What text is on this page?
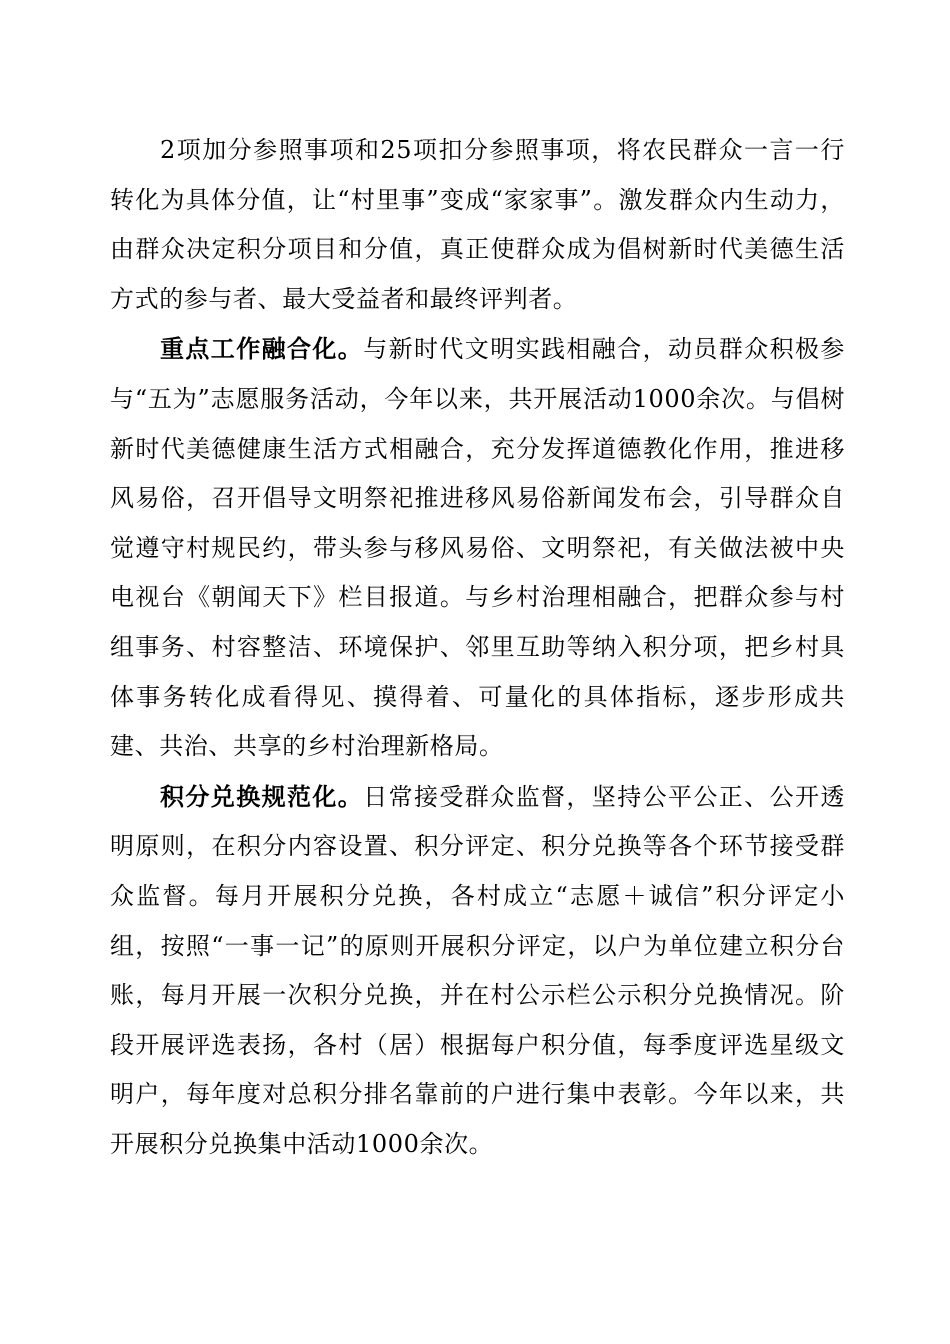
2项加分参照事项和25项扣分参照事项，将农民群众一言一行转化为具体分值，让“村里事”变成“家家事”。激发群众内生动力，由群众决定积分项目和分值，真正使群众成为倡树新时代美德生活方式的参与者、最大受益者和最终评判者。

重点工作融合化。与新时代文明实践相融合，动员群众积极参与“五为”志愿服务活动，今年以来，共开展活动1000余次。与倡树新时代美德健康生活方式相融合，充分发挥道德教化作用，推进移风易俗，召开倡导文明祭祀推进移风易俗新闻发布会，引导群众自觉遵守村规民约，带头参与移风易俗、文明祭祀，有关做法被中央电视台《朝闻天下》栏目报道。与乡村治理相融合，把群众参与村组事务、村容整洁、环境保护、邻里互助等纳入积分项，把乡村具体事务转化成看得见、摸得着、可量化的具体指标，逐步形成共建、共治、共享的乡村治理新格局。

积分兑换规范化。日常接受群众监督，坚持公平公正、公开透明原则，在积分内容设置、积分评定、积分兑换等各个环节接受群众监督。每月开展积分兑换，各村成立“志愿＋诚信”积分评定小组，按照“一事一记”的原则开展积分评定，以户为单位建立积分台账，每月开展一次积分兑换，并在村公示栏公示积分兑换情况。阶段开展评选表扬，各村（居）根据每户积分值，每季度评选星级文明户，每年度对总积分排名靠前的户进行集中表彰。今年以来，共开展积分兑换集中活动1000余次。
